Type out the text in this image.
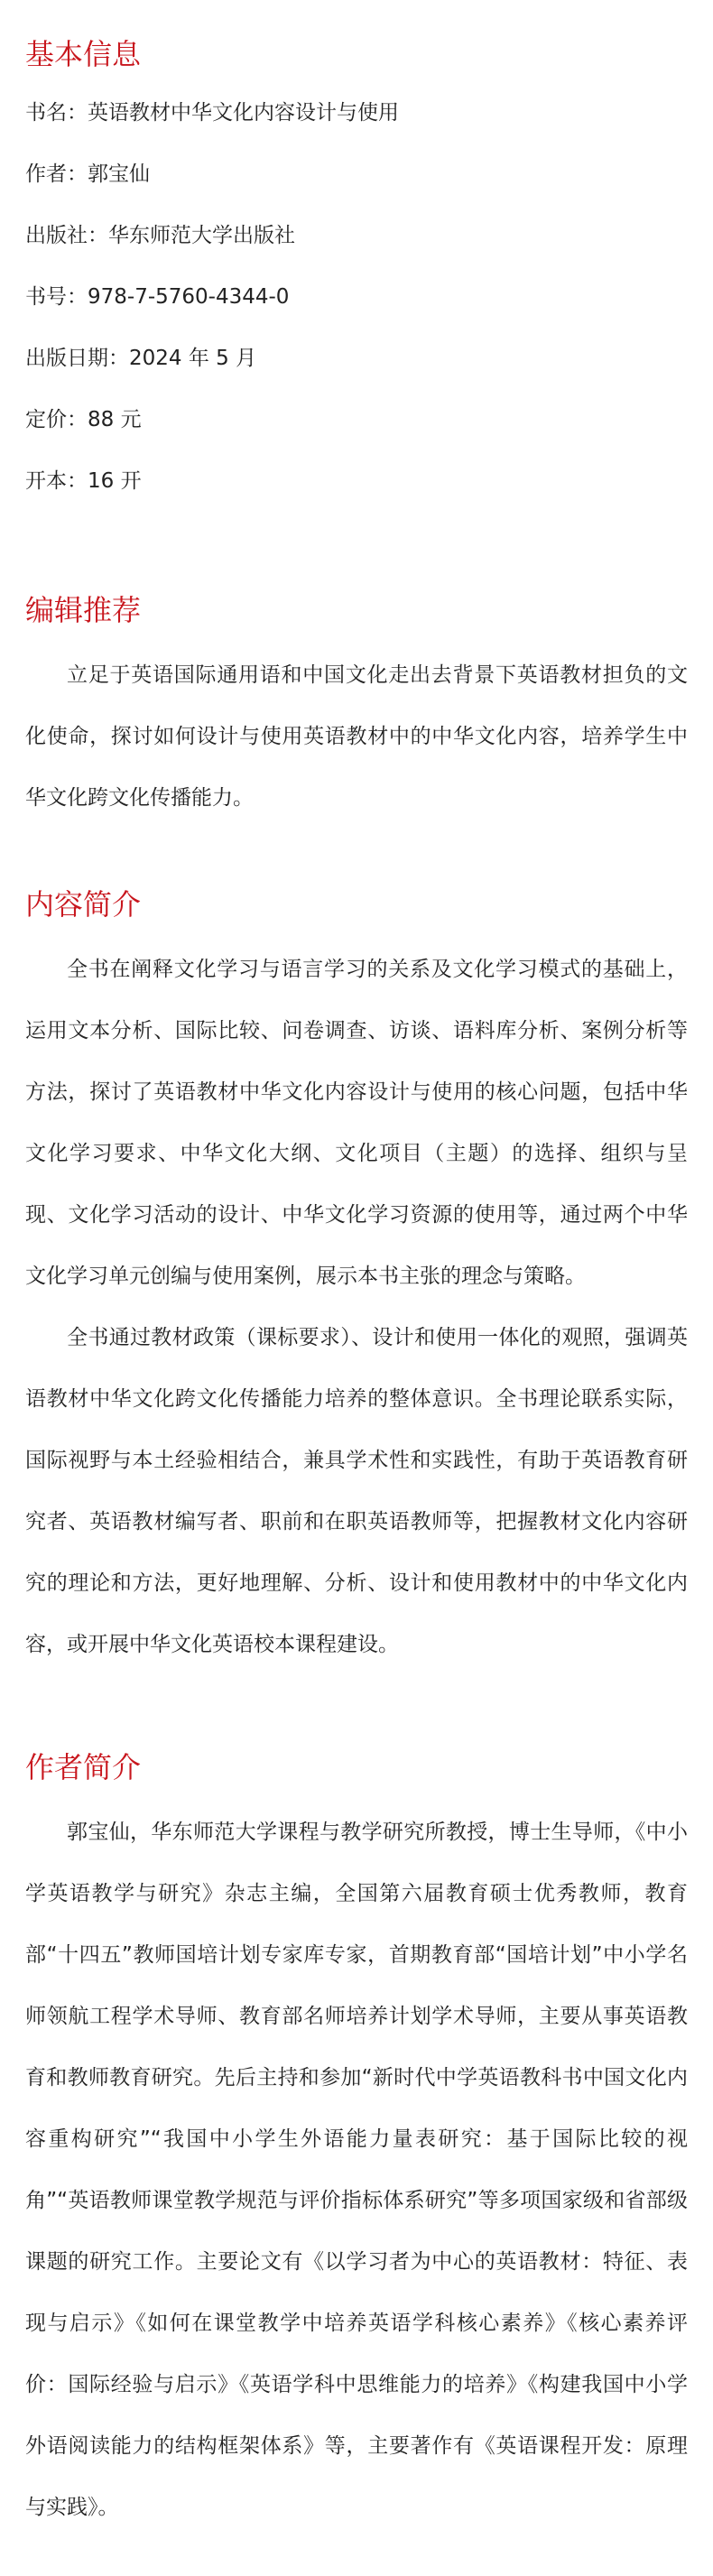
基本信息

书名：英语教材中华文化内容设计与使用

作者：郭宝仙

出版社：华东师范大学出版社

书号：978-7-5760-4344-0

出版日期：2024 年 5 月

定价：88 元

开本：16 开

编辑推荐

立足于英语国际通用语和中国文化走出去背景下英语教材担负的文化使命，探讨如何设计与使用英语教材中的中华文化内容，培养学生中华文化跨文化传播能力。

内容简介

全书在阐释文化学习与语言学习的关系及文化学习模式的基础上，运用文本分析、国际比较、问卷调查、访谈、语料库分析、案例分析等方法，探讨了英语教材中华文化内容设计与使用的核心问题，包括中华文化学习要求、中华文化大纲、文化项目（主题）的选择、组织与呈现、文化学习活动的设计、中华文化学习资源的使用等，通过两个中华文化学习单元创编与使用案例，展示本书主张的理念与策略。

全书通过教材政策（课标要求）、设计和使用一体化的观照，强调英语教材中华文化跨文化传播能力培养的整体意识。全书理论联系实际，国际视野与本土经验相结合，兼具学术性和实践性，有助于英语教育研究者、英语教材编写者、职前和在职英语教师等，把握教材文化内容研究的理论和方法，更好地理解、分析、设计和使用教材中的中华文化内容，或开展中华文化英语校本课程建设。

作者简介

郭宝仙，华东师范大学课程与教学研究所教授，博士生导师，《中小学英语教学与研究》杂志主编，全国第六届教育硕士优秀教师，教育部“十四五”教师国培计划专家库专家，首期教育部“国培计划”中小学名师领航工程学术导师、教育部名师培养计划学术导师，主要从事英语教育和教师教育研究。先后主持和参加“新时代中学英语教科书中国文化内容重构研究”“我国中小学生外语能力量表研究：基于国际比较的视角”“英语教师课堂教学规范与评价指标体系研究”等多项国家级和省部级课题的研究工作。主要论文有《以学习者为中心的英语教材：特征、表现与启示》《如何在课堂教学中培养英语学科核心素养》《核心素养评价：国际经验与启示》《英语学科中思维能力的培养》《构建我国中小学外语阅读能力的结构框架体系》等，主要著作有《英语课程开发：原理与实践》。
